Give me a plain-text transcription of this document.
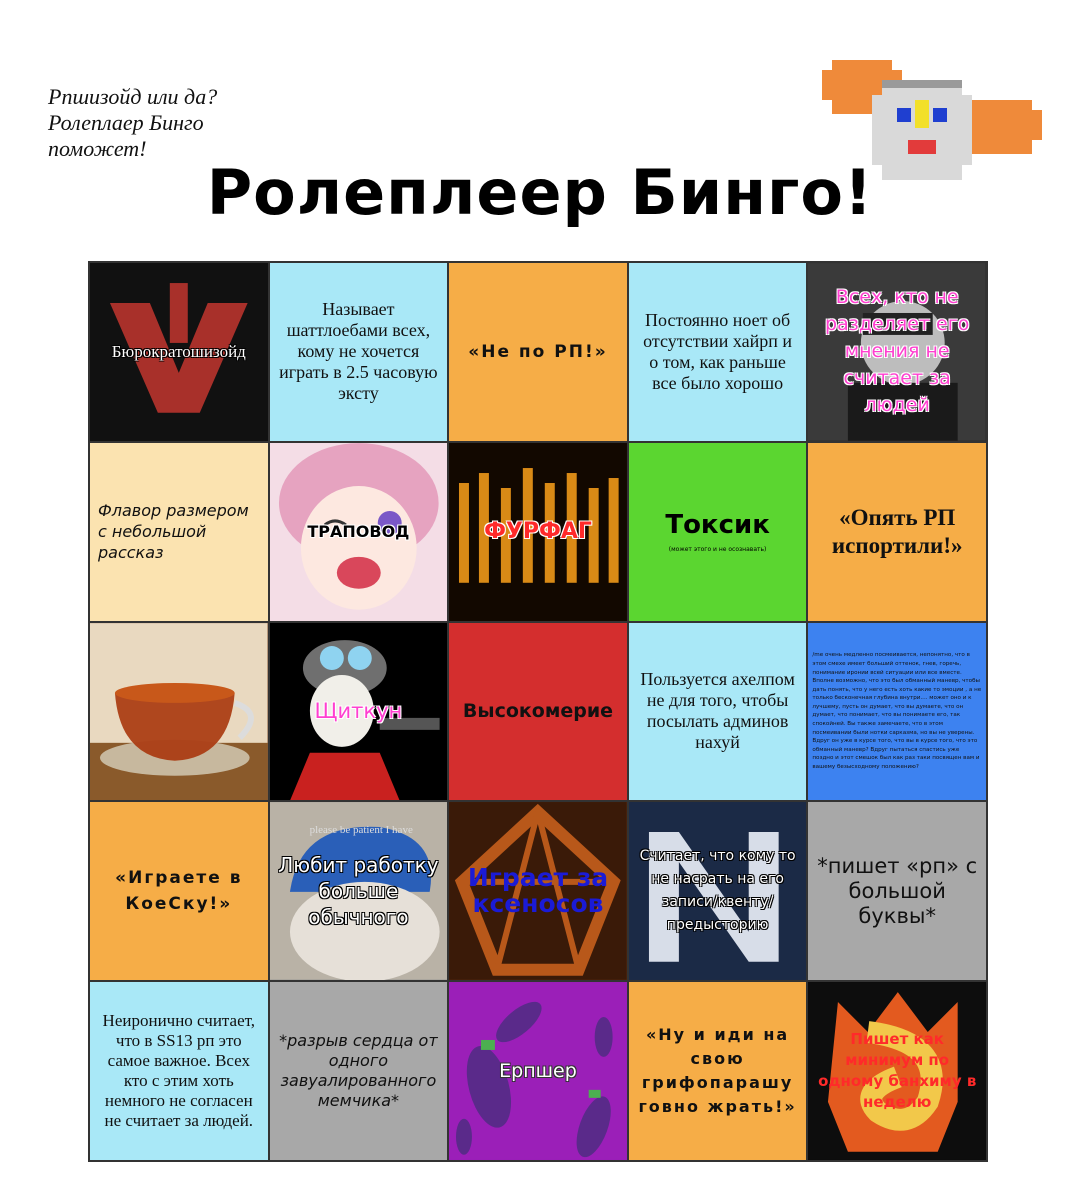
Рпшизойд или да?
Ролеплаер Бинго
поможет!
Ролеплеер Бинго!
Бюрократошизойд
Называет шаттлоебами всех, кому не хочется играть в 2.5 часовую эксту
«Не по РП!»
Постоянно ноет об отсутствии хайрп и о том, как раньше все было хорошо
Всех, кто не разделяет его мнения не считает за людей
Флавор размером с небольшой рассказ
ТРАПОВОД	ФУРФАГ	Токсик
(может этого и не осознавать)
«Опять РП испортили!»
Щиткун	Высокомерие
Пользуется ахелпом не для того, чтобы посылать админов нахуй
/me очень медленно посмеивается, непонятно, что в этом смехе имеет больший оттенок, гнев, горечь, понимание иронии всей ситуации или все вместе. Вполне возможно, что это был обманный маневр, чтобы дать понять, что у него есть хоть какие то эмоции , а не только бесконечная глубина внутри.... может оно и к лучшему, пусть он думает, что вы думаете, что он думает, что понимает, что вы понимаете его, так спокойней. Вы также замечаете, что в этом посмеивании были нотки сарказма, но вы не уверены. Вдруг он уже в курсе того, что вы в курсе того, что это обманный маневр? Вдруг пытаться спастись уже поздно и этот смешок был как раз таки посвящен вам и вашему безысходному положению?
«Играете в КоеСку!»
please be patient I have
Любит работку больше обычного
Играет за ксеносов
Считает, что кому то не насрать на его записи/квенту/предысторию
*пишет «рп» с большой буквы*
Неиронично считает, что в SS13 рп это самое важное. Всех кто с этим хоть немного не согласен не считает за людей.
*разрыв сердца от одного завуалированного мемчика*
Ерпшер
«Ну и иди на свою грифопарашу говно жрать!»
Пишет как минимум по одному банхиму в неделю
